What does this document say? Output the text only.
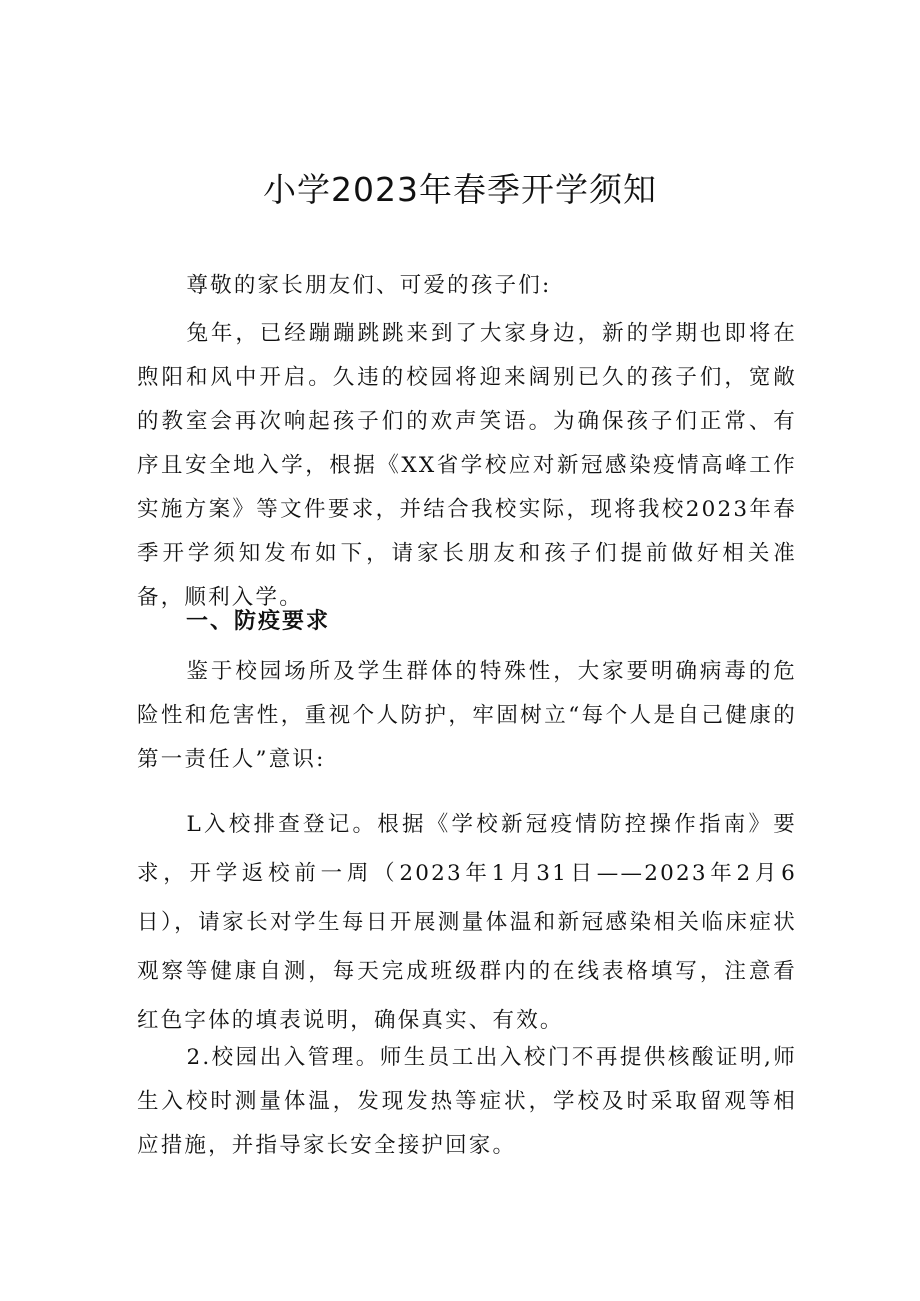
小学2023年春季开学须知

尊敬的家长朋友们、可爱的孩子们:

兔年，已经蹦蹦跳跳来到了大家身边，新的学期也即将在煦阳和风中开启。久违的校园将迎来阔别已久的孩子们，宽敞的教室会再次响起孩子们的欢声笑语。为确保孩子们正常、有序且安全地入学，根据《XX省学校应对新冠感染疫情高峰工作实施方案》等文件要求，并结合我校实际，现将我校2023年春季开学须知发布如下，请家长朋友和孩子们提前做好相关准备，顺利入学。

一、防疫要求

鉴于校园场所及学生群体的特殊性，大家要明确病毒的危险性和危害性，重视个人防护，牢固树立“每个人是自己健康的第一责任人”意识:

L入校排查登记。根据《学校新冠疫情防控操作指南》要求，开学返校前一周（2023年1月31日——2023年2月6日），请家长对学生每日开展测量体温和新冠感染相关临床症状观察等健康自测，每天完成班级群内的在线表格填写，注意看红色字体的填表说明，确保真实、有效。

2.校园出入管理。师生员工出入校门不再提供核酸证明,师生入校时测量体温，发现发热等症状，学校及时采取留观等相应措施，并指导家长安全接护回家。
